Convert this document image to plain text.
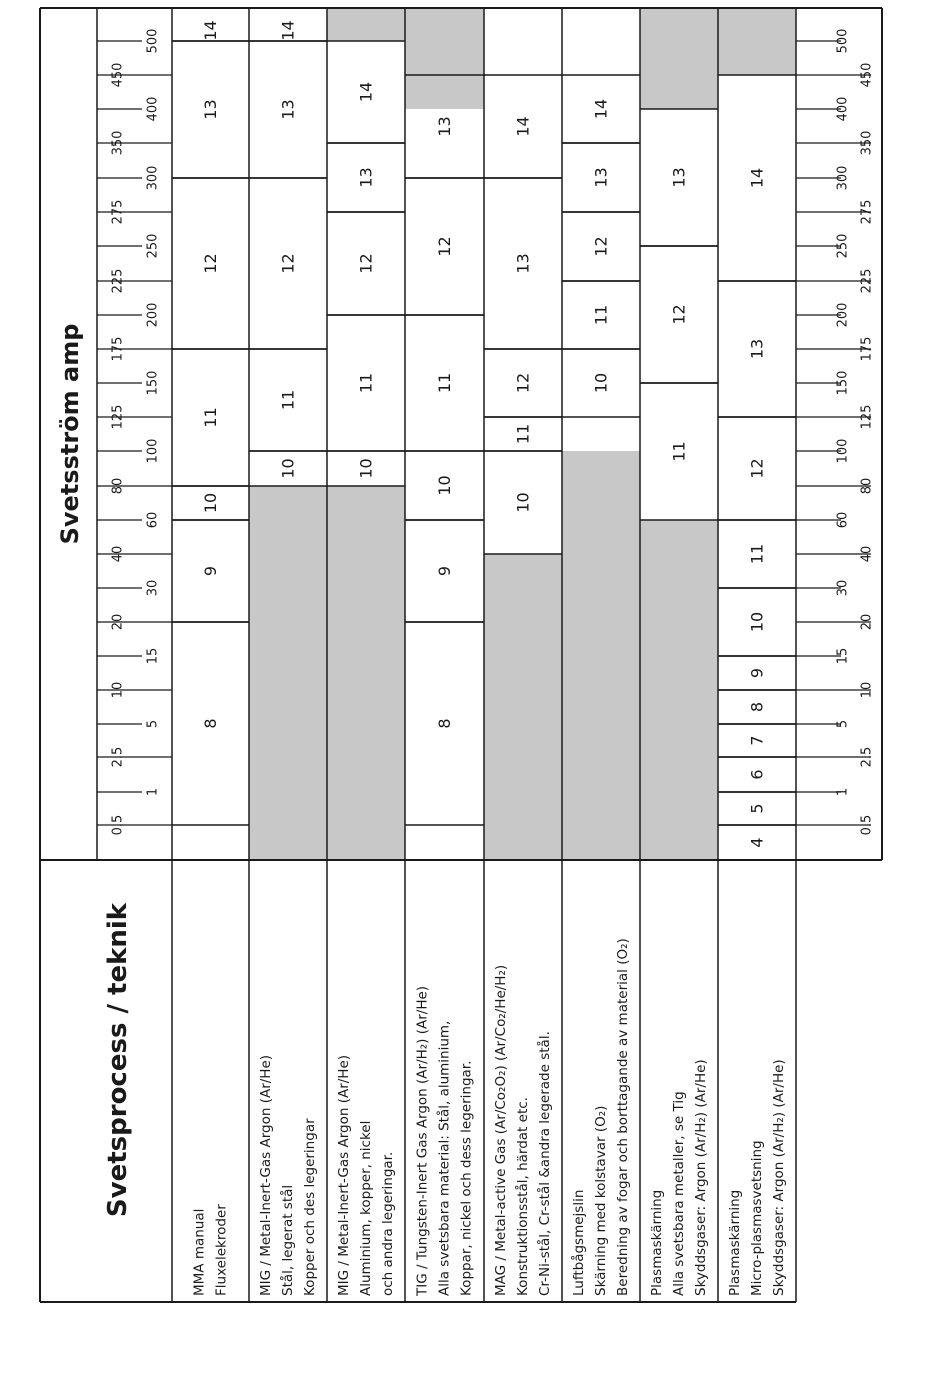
0.5
1
2.5
5
10
15
20
30
40
60
80
100
125
150
175
200
225
250
275
300
350
400
450
500
0.5
1
2.5
5
10
15
20
30
40
60
80
100
125
150
175
200
225
250
275
300
350
400
450
500
8
9
10
11
12
13
14
10
11
12
13
14
10
11
12
13
14
8
9
10
11
12
13
10
11
12
13
14
10
11
12
13
14
11
12
13
4
5
6
7
8
9
10
11
12
13
14
Svetsprocess / teknik
Svetsström amp
MMA manual Fluxelekroder MIG / Metal-Inert-Gas Argon (Ar/He) Stål, legerat stål Kopper och des legeringar MIG / Metal-Inert-Gas Argon (Ar/He) Aluminium, kopper, nickel och andra legeringar. TIG / Tungsten-Inert Gas Argon (Ar/H₂) (Ar/He) Alla svetsbara material: Stål, aluminium, Koppar, nickel och dess legeringar. MAG / Metal-active Gas (Ar/Co₂O₂) (Ar/Co₂/He/H₂) Konstruktionsstål, härdat etc. Cr-Ni-stål, Cr-stål &andra legerade stål. Luftbågsmejslin Skärning med kolstavar (O₂) Beredning av fogar och borttagande av material (O₂) Plasmaskärning Alla svetsbara metaller, se Tig Skyddsgaser: Argon (Ar/H₂) (Ar/He) Plasmaskärning Micro-plasmasvetsning Skyddsgaser: Argon (Ar/H₂) (Ar/He)
